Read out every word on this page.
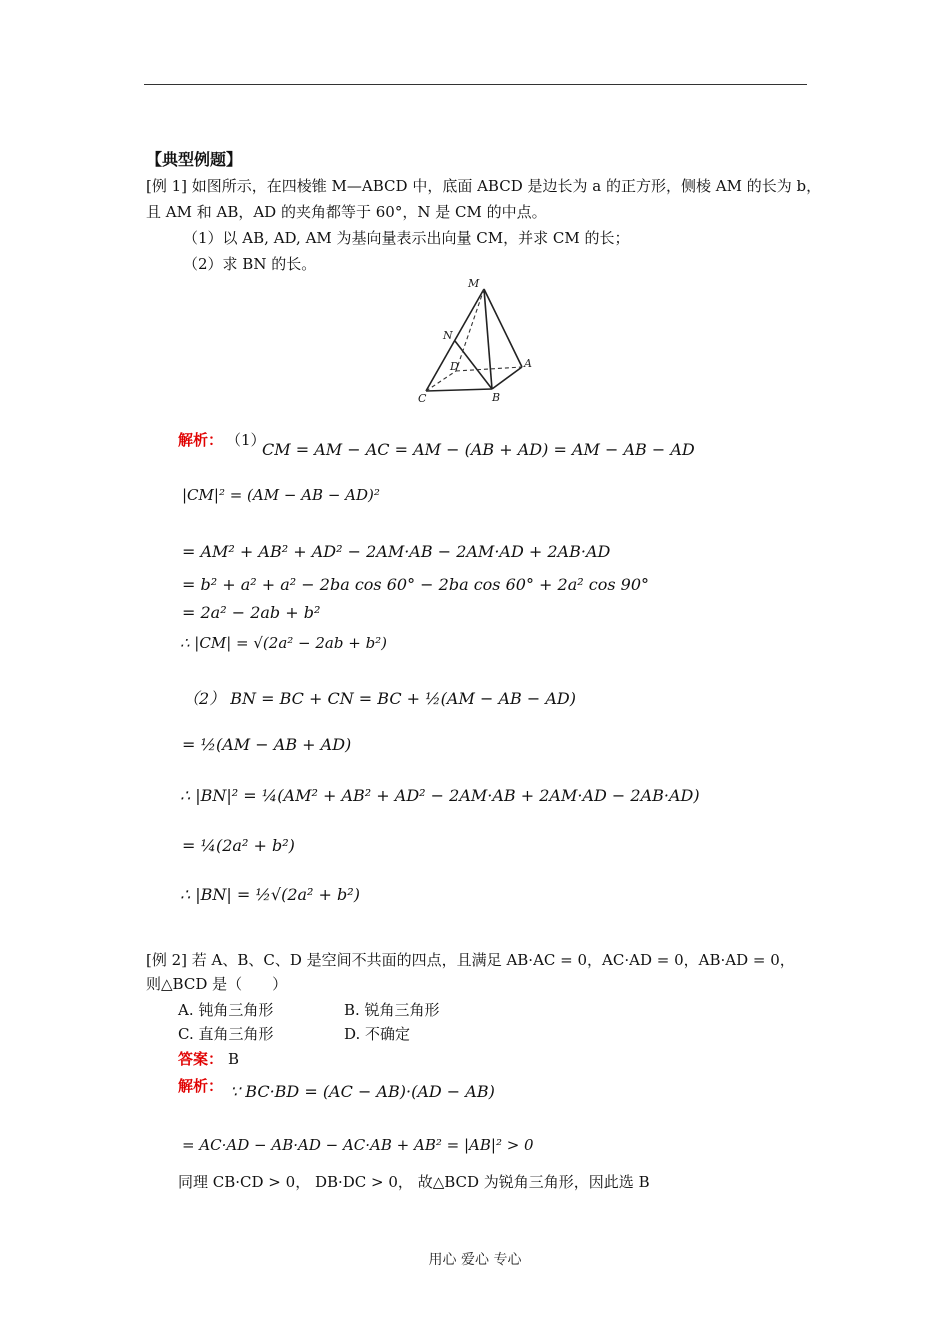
【典型例题】
[例 1] 如图所示，在四棱锥 M—ABCD 中，底面 ABCD 是边长为 a 的正方形，侧棱 AM 的长为 b，
且 AM 和 AB，AD 的夹角都等于 60°，N 是 CM 的中点。
（1）以 AB, AD, AM 为基向量表示出向量 CM，并求 CM 的长；
（2）求 BN 的长。
M
N
D	A
C	B
解析： （1）
CM = AM − AC = AM − (AB + AD) = AM − AB − AD
|CM|² = (AM − AB − AD)²
= AM² + AB² + AD² − 2AM·AB − 2AM·AD + 2AB·AD
= b² + a² + a² − 2ba cos 60° − 2ba cos 60° + 2a² cos 90°
= 2a² − 2ab + b²
∴ |CM| = √(2a² − 2ab + b²)
（2） BN = BC + CN = BC + ½(AM − AB − AD)
= ½(AM − AB + AD)
∴ |BN|² = ¼(AM² + AB² + AD² − 2AM·AB + 2AM·AD − 2AB·AD)
= ¼(2a² + b²)
∴ |BN| = ½√(2a² + b²)
[例 2] 若 A、B、C、D 是空间不共面的四点，且满足 AB·AC = 0，AC·AD = 0，AB·AD = 0，
则△BCD 是（　　）
A. 钝角三角形	B. 锐角三角形
C. 直角三角形	D. 不确定
答案： B
解析： ∵ BC·BD = (AC − AB)·(AD − AB)
= AC·AD − AB·AD − AC·AB + AB² = |AB|² > 0
同理 CB·CD > 0， DB·DC > 0， 故△BCD 为锐角三角形，因此选 B
用心 爱心 专心
